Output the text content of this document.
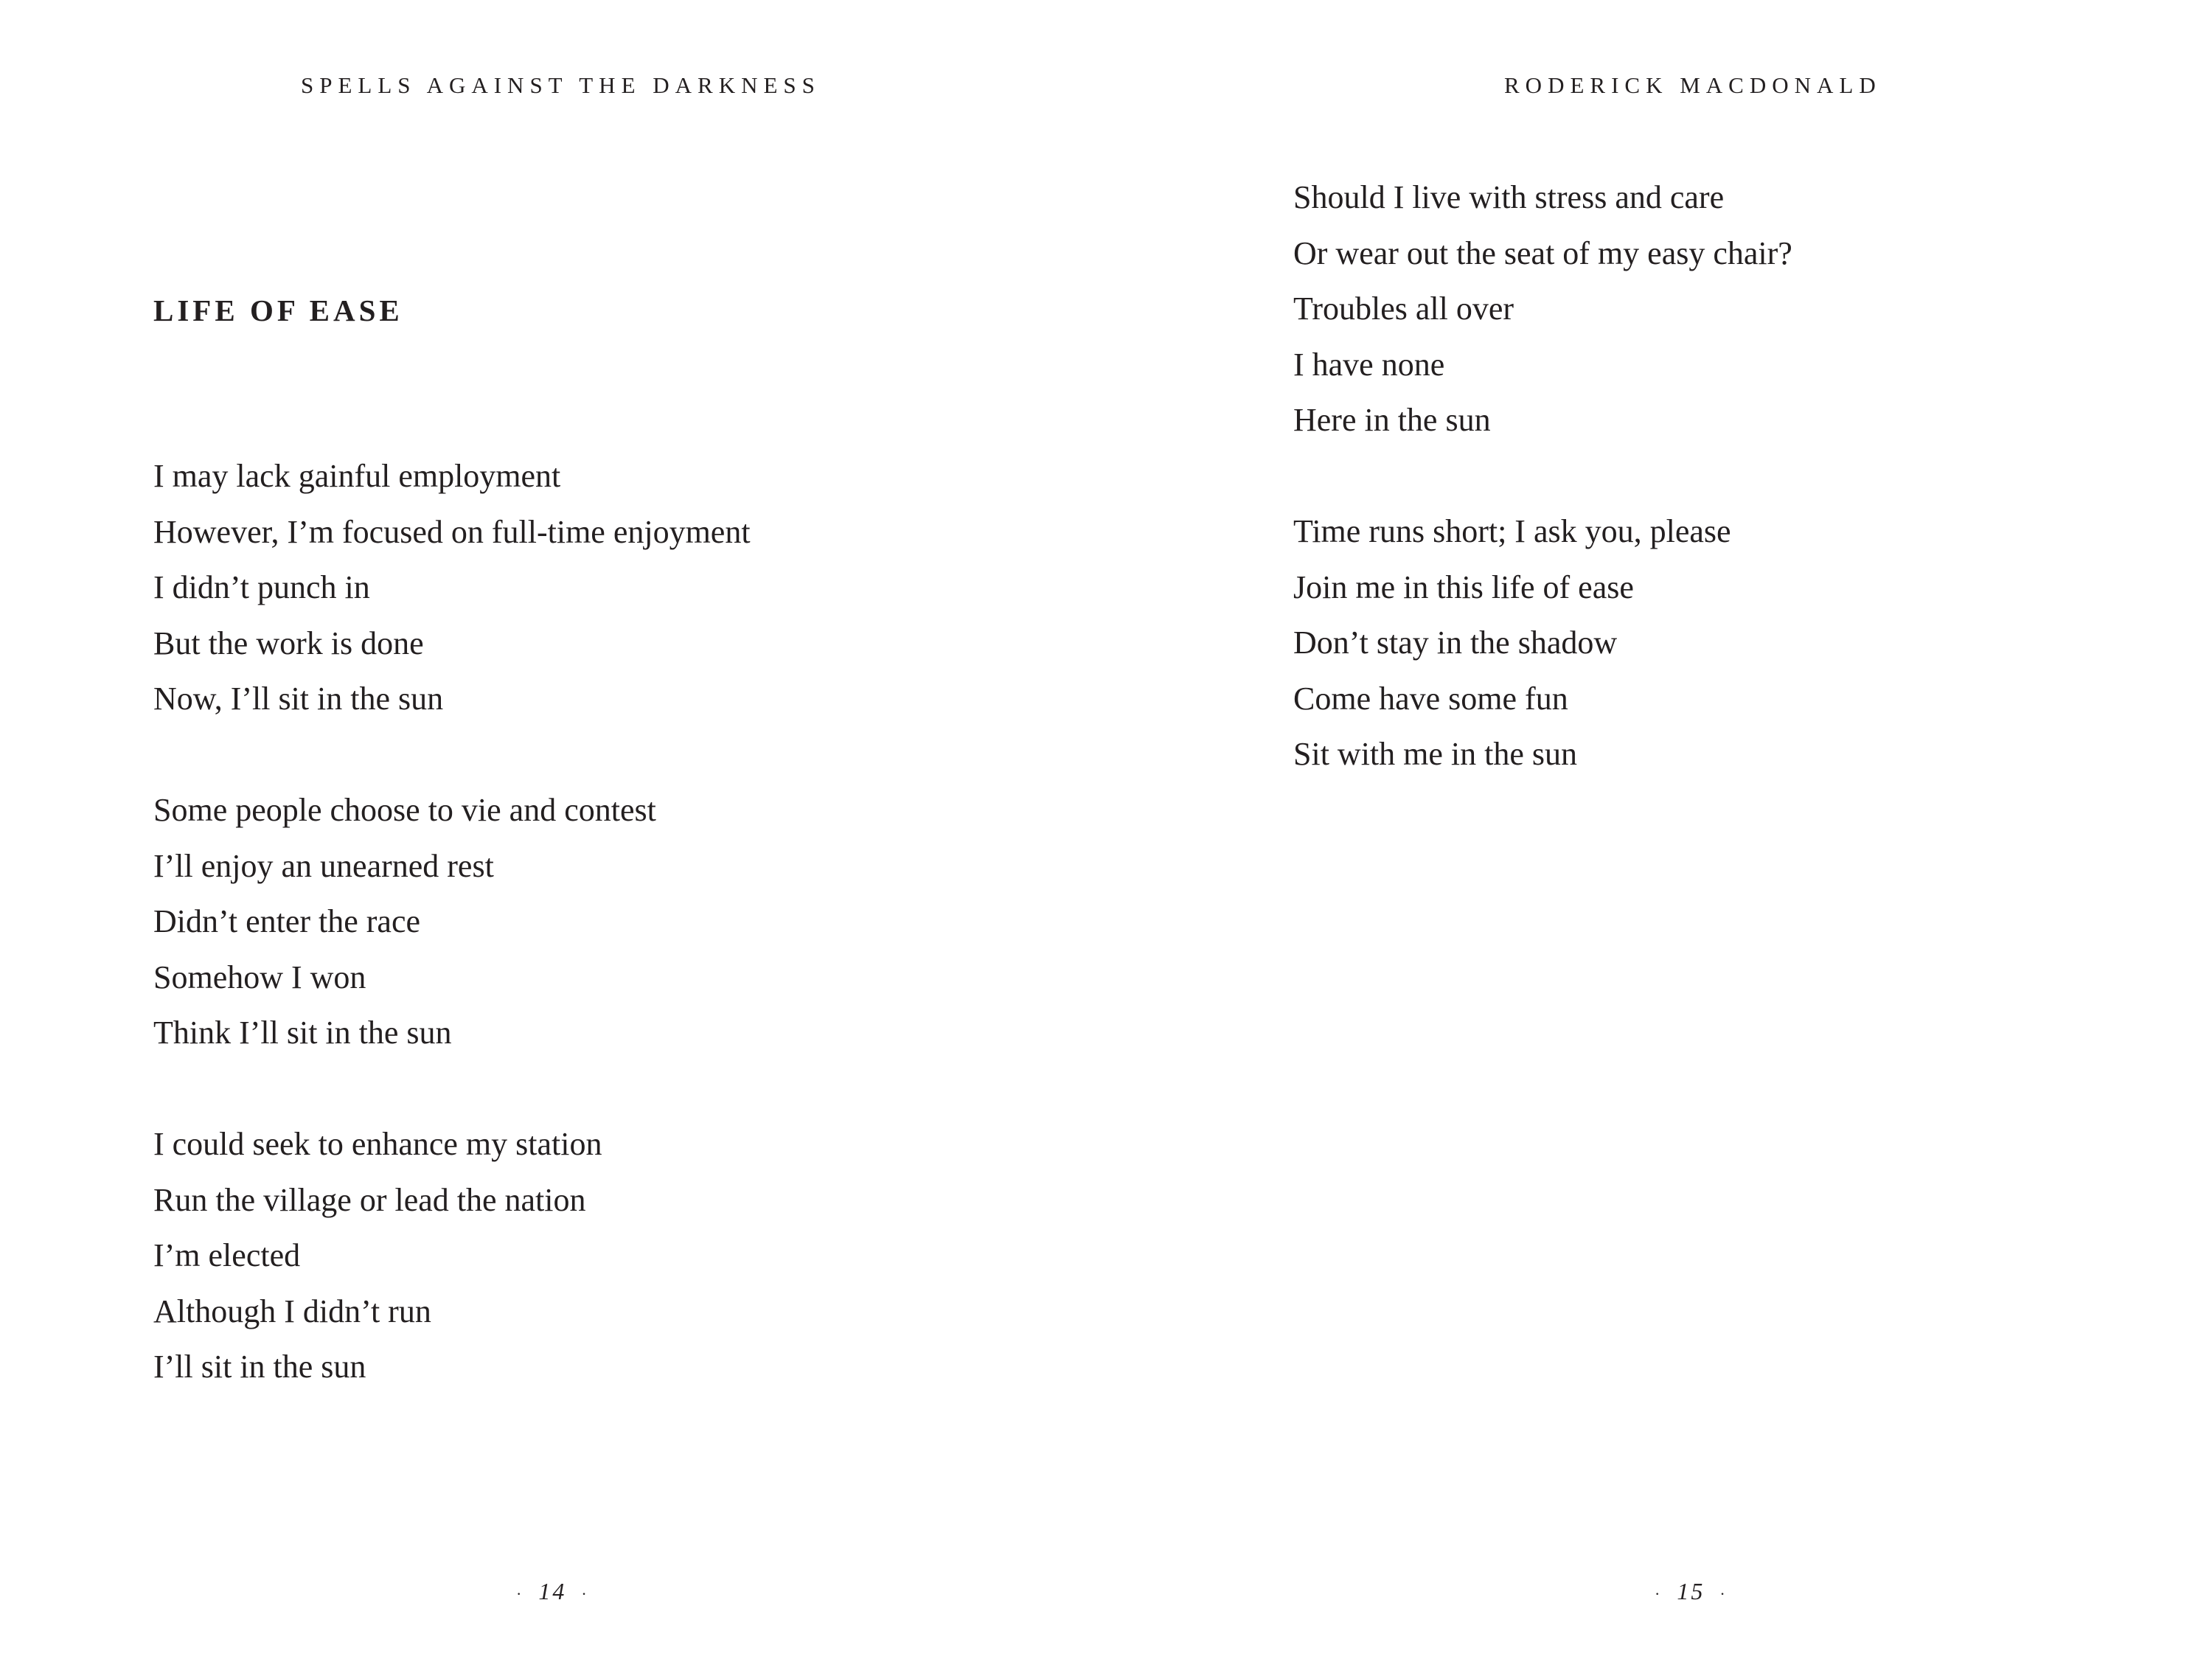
SPELLS AGAINST THE DARKNESS
LIFE OF EASE
I may lack gainful employment
However, I’m focused on full-time enjoyment
I didn’t punch in
But the work is done
Now, I’ll sit in the sun
Some people choose to vie and contest
I’ll enjoy an unearned rest
Didn’t enter the race
Somehow I won
Think I’ll sit in the sun
I could seek to enhance my station
Run the village or lead the nation
I’m elected
Although I didn’t run
I’ll sit in the sun
· 14 ·
RODERICK MACDONALD
Should I live with stress and care
Or wear out the seat of my easy chair?
Troubles all over
I have none
Here in the sun
Time runs short; I ask you, please
Join me in this life of ease
Don’t stay in the shadow
Come have some fun
Sit with me in the sun
· 15 ·
